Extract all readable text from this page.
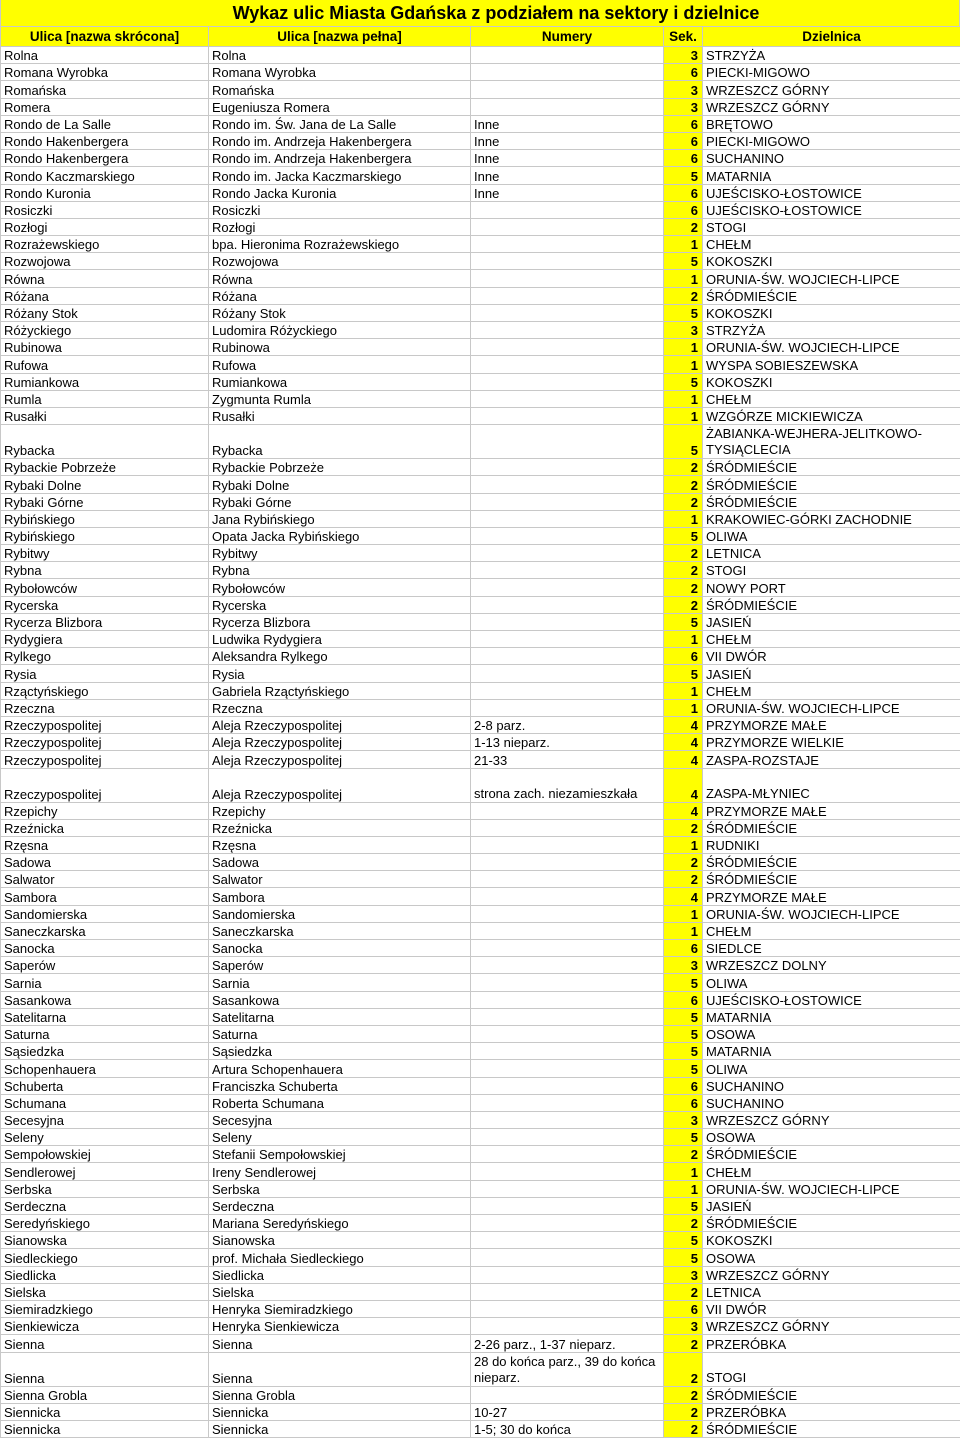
Wykaz ulic Miasta Gdańska z podziałem na sektory i dzielnice
Ulica [nazwa skrócona]	Ulica [nazwa pełna]	Numery	Sek.	Dzielnica
Rolna	Rolna		3	STRZYŻA
Romana Wyrobka	Romana Wyrobka		6	PIECKI-MIGOWO
Romańska	Romańska		3	WRZESZCZ GÓRNY
Romera	Eugeniusza Romera		3	WRZESZCZ GÓRNY
Rondo de La Salle	Rondo im. Św. Jana de La Salle	Inne	6	BRĘTOWO
Rondo Hakenbergera	Rondo im. Andrzeja Hakenbergera	Inne	6	PIECKI-MIGOWO
Rondo Hakenbergera	Rondo im. Andrzeja Hakenbergera	Inne	6	SUCHANINO
Rondo Kaczmarskiego	Rondo im. Jacka Kaczmarskiego	Inne	5	MATARNIA
Rondo Kuronia	Rondo Jacka Kuronia	Inne	6	UJEŚCISKO-ŁOSTOWICE
Rosiczki	Rosiczki		6	UJEŚCISKO-ŁOSTOWICE
Rozłogi	Rozłogi		2	STOGI
Rozrażewskiego	bpa. Hieronima Rozrażewskiego		1	CHEŁM
Rozwojowa	Rozwojowa		5	KOKOSZKI
Równa	Równa		1	ORUNIA-ŚW. WOJCIECH-LIPCE
Różana	Różana		2	ŚRÓDMIEŚCIE
Różany Stok	Różany Stok		5	KOKOSZKI
Różyckiego	Ludomira Różyckiego		3	STRZYŻA
Rubinowa	Rubinowa		1	ORUNIA-ŚW. WOJCIECH-LIPCE
Rufowa	Rufowa		1	WYSPA SOBIESZEWSKA
Rumiankowa	Rumiankowa		5	KOKOSZKI
Rumla	Zygmunta Rumla		1	CHEŁM
Rusałki	Rusałki		1	WZGÓRZE MICKIEWICZA
Rybacka	Rybacka		5	ŻABIANKA-WEJHERA-JELITKOWO-TYSIĄCLECIA
Rybackie Pobrzeże	Rybackie Pobrzeże		2	ŚRÓDMIEŚCIE
Rybaki Dolne	Rybaki Dolne		2	ŚRÓDMIEŚCIE
Rybaki Górne	Rybaki Górne		2	ŚRÓDMIEŚCIE
Rybińskiego	Jana Rybińskiego		1	KRAKOWIEC-GÓRKI ZACHODNIE
Rybińskiego	Opata Jacka Rybińskiego		5	OLIWA
Rybitwy	Rybitwy		2	LETNICA
Rybna	Rybna		2	STOGI
Rybołowców	Rybołowców		2	NOWY PORT
Rycerska	Rycerska		2	ŚRÓDMIEŚCIE
Rycerza Blizbora	Rycerza Blizbora		5	JASIEŃ
Rydygiera	Ludwika Rydygiera		1	CHEŁM
Rylkego	Aleksandra Rylkego		6	VII DWÓR
Rysia	Rysia		5	JASIEŃ
Rząctyńskiego	Gabriela Rząctyńskiego		1	CHEŁM
Rzeczna	Rzeczna		1	ORUNIA-ŚW. WOJCIECH-LIPCE
Rzeczypospolitej	Aleja Rzeczypospolitej	2-8 parz.	4	PRZYMORZE MAŁE
Rzeczypospolitej	Aleja Rzeczypospolitej	1-13 nieparz.	4	PRZYMORZE WIELKIE
Rzeczypospolitej	Aleja Rzeczypospolitej	21-33	4	ZASPA-ROZSTAJE
Rzeczypospolitej	Aleja Rzeczypospolitej	strona zach. niezamieszkała	4	ZASPA-MŁYNIEC
Rzepichy	Rzepichy		4	PRZYMORZE MAŁE
Rzeźnicka	Rzeźnicka		2	ŚRÓDMIEŚCIE
Rzęsna	Rzęsna		1	RUDNIKI
Sadowa	Sadowa		2	ŚRÓDMIEŚCIE
Salwator	Salwator		2	ŚRÓDMIEŚCIE
Sambora	Sambora		4	PRZYMORZE MAŁE
Sandomierska	Sandomierska		1	ORUNIA-ŚW. WOJCIECH-LIPCE
Saneczkarska	Saneczkarska		1	CHEŁM
Sanocka	Sanocka		6	SIEDLCE
Saperów	Saperów		3	WRZESZCZ DOLNY
Sarnia	Sarnia		5	OLIWA
Sasankowa	Sasankowa		6	UJEŚCISKO-ŁOSTOWICE
Satelitarna	Satelitarna		5	MATARNIA
Saturna	Saturna		5	OSOWA
Sąsiedzka	Sąsiedzka		5	MATARNIA
Schopenhauera	Artura Schopenhauera		5	OLIWA
Schuberta	Franciszka Schuberta		6	SUCHANINO
Schumana	Roberta Schumana		6	SUCHANINO
Secesyjna	Secesyjna		3	WRZESZCZ GÓRNY
Seleny	Seleny		5	OSOWA
Sempołowskiej	Stefanii Sempołowskiej		2	ŚRÓDMIEŚCIE
Sendlerowej	Ireny Sendlerowej		1	CHEŁM
Serbska	Serbska		1	ORUNIA-ŚW. WOJCIECH-LIPCE
Serdeczna	Serdeczna		5	JASIEŃ
Seredyńskiego	Mariana Seredyńskiego		2	ŚRÓDMIEŚCIE
Sianowska	Sianowska		5	KOKOSZKI
Siedleckiego	prof. Michała Siedleckiego		5	OSOWA
Siedlicka	Siedlicka		3	WRZESZCZ GÓRNY
Sielska	Sielska		2	LETNICA
Siemiradzkiego	Henryka Siemiradzkiego		6	VII DWÓR
Sienkiewicza	Henryka Sienkiewicza		3	WRZESZCZ GÓRNY
Sienna	Sienna	2-26 parz., 1-37 nieparz.	2	PRZERÓBKA
Sienna	Sienna	28 do końca parz., 39 do końca nieparz.	2	STOGI
Sienna Grobla	Sienna Grobla		2	ŚRÓDMIEŚCIE
Siennicka	Siennicka	10-27	2	PRZERÓBKA
Siennicka	Siennicka	1-5; 30 do końca	2	ŚRÓDMIEŚCIE
